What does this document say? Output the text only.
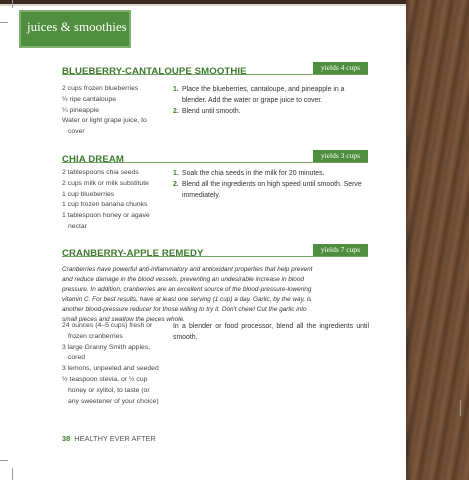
juices & smoothies
yields 4 cups
BLUEBERRY-CANTALOUPE SMOOTHIE
2 cups frozen blueberries
½ ripe cantaloupe
¼ pineapple
Water or light grape juice, to cover
1. Place the blueberries, cantaloupe, and pineapple in a blender. Add the water or grape juice to cover.
2. Blend until smooth.
yields 3 cups
CHIA DREAM
2 tablespoons chia seeds
2 cups milk or milk substitute
1 cup blueberries
1 cup frozen banana chunks
1 tablespoon honey or agave nectar
1. Soak the chia seeds in the milk for 20 minutes.
2. Blend all the ingredients on high speed until smooth. Serve immediately.
yields 7 cups
CRANBERRY-APPLE REMEDY
Cranberries have powerful anti-inflammatory and antioxidant properties that help prevent and reduce damage in the blood vessels, preventing an undesirable increase in blood pressure. In addition, cranberries are an excellent source of the blood-pressure-lowering vitamin C. For best results, have at least one serving (1 cup) a day. Garlic, by the way, is another blood-pressure reducer for those willing to try it. Don't chew! Cut the garlic into small pieces and swallow the pieces whole.
24 ounces (4–5 cups) fresh or frozen cranberries
3 large Granny Smith apples, cored
3 lemons, unpeeled and seeded
½ teaspoon stevia, or ½ cup honey or xylitol, to taste (or any sweetener of your choice)
In a blender or food processor, blend all the ingredients until smooth.
38 HEALTHY EVER AFTER
